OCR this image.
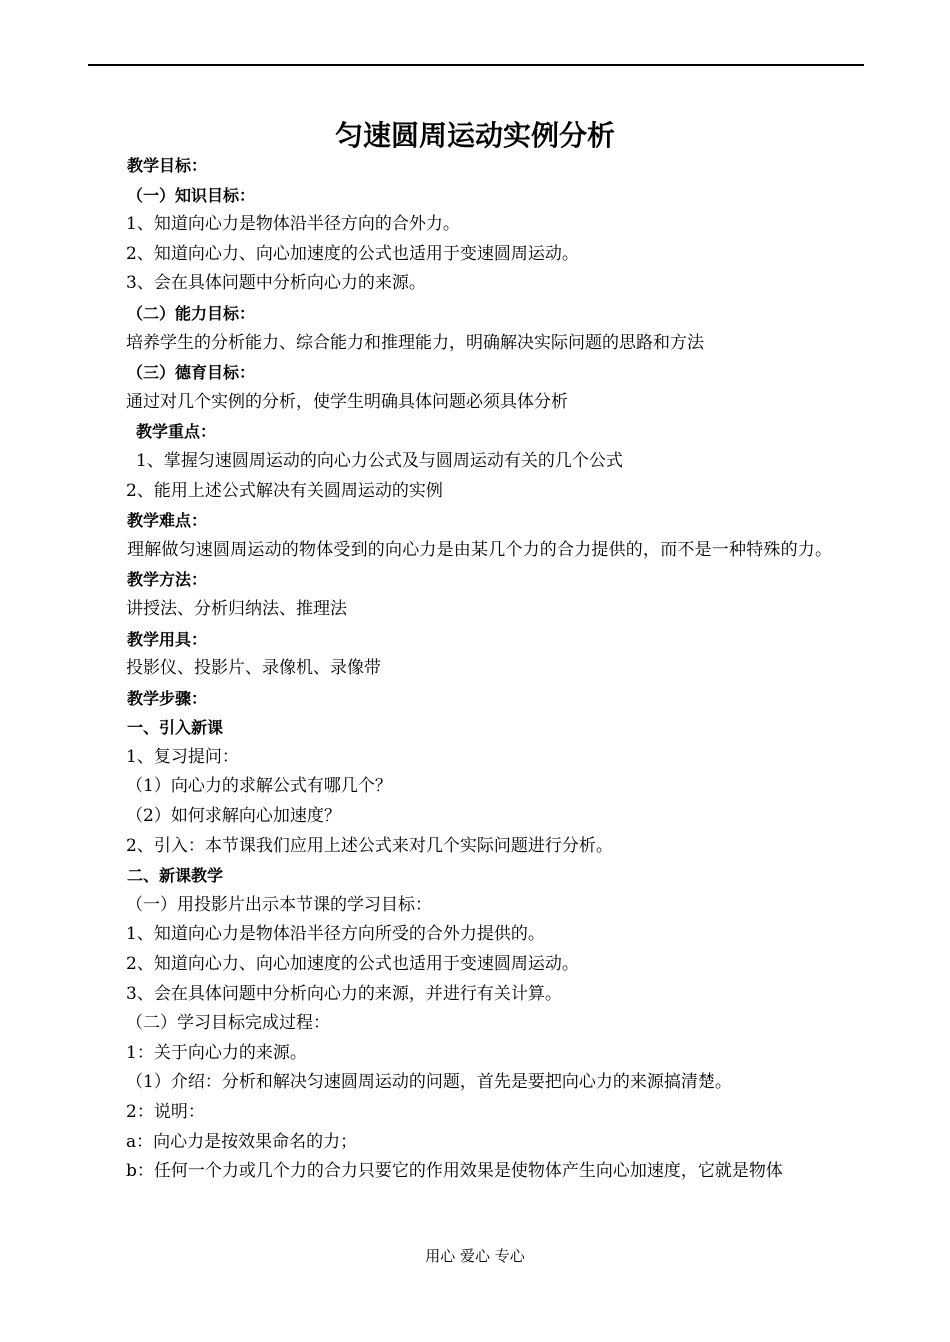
匀速圆周运动实例分析
教学目标：
（一）知识目标：
1、知道向心力是物体沿半径方向的合外力。
2、知道向心力、向心加速度的公式也适用于变速圆周运动。
3、会在具体问题中分析向心力的来源。
（二）能力目标：
培养学生的分析能力、综合能力和推理能力，明确解决实际问题的思路和方法
（三）德育目标：
通过对几个实例的分析，使学生明确具体问题必须具体分析
教学重点：
1、掌握匀速圆周运动的向心力公式及与圆周运动有关的几个公式
2、能用上述公式解决有关圆周运动的实例
教学难点：
理解做匀速圆周运动的物体受到的向心力是由某几个力的合力提供的，而不是一种特殊的力。
教学方法：
讲授法、分析归纳法、推理法
教学用具：
投影仪、投影片、录像机、录像带
教学步骤：
一、引入新课
1、复习提问：
（1）向心力的求解公式有哪几个？
（2）如何求解向心加速度？
2、引入：本节课我们应用上述公式来对几个实际问题进行分析。
二、新课教学
（一）用投影片出示本节课的学习目标：
1、知道向心力是物体沿半径方向所受的合外力提供的。
2、知道向心力、向心加速度的公式也适用于变速圆周运动。
3、会在具体问题中分析向心力的来源，并进行有关计算。
（二）学习目标完成过程：
1：关于向心力的来源。
（1）介绍：分析和解决匀速圆周运动的问题，首先是要把向心力的来源搞清楚。
2：说明：
a：向心力是按效果命名的力；
b：任何一个力或几个力的合力只要它的作用效果是使物体产生向心加速度，它就是物体
用心 爱心 专心
